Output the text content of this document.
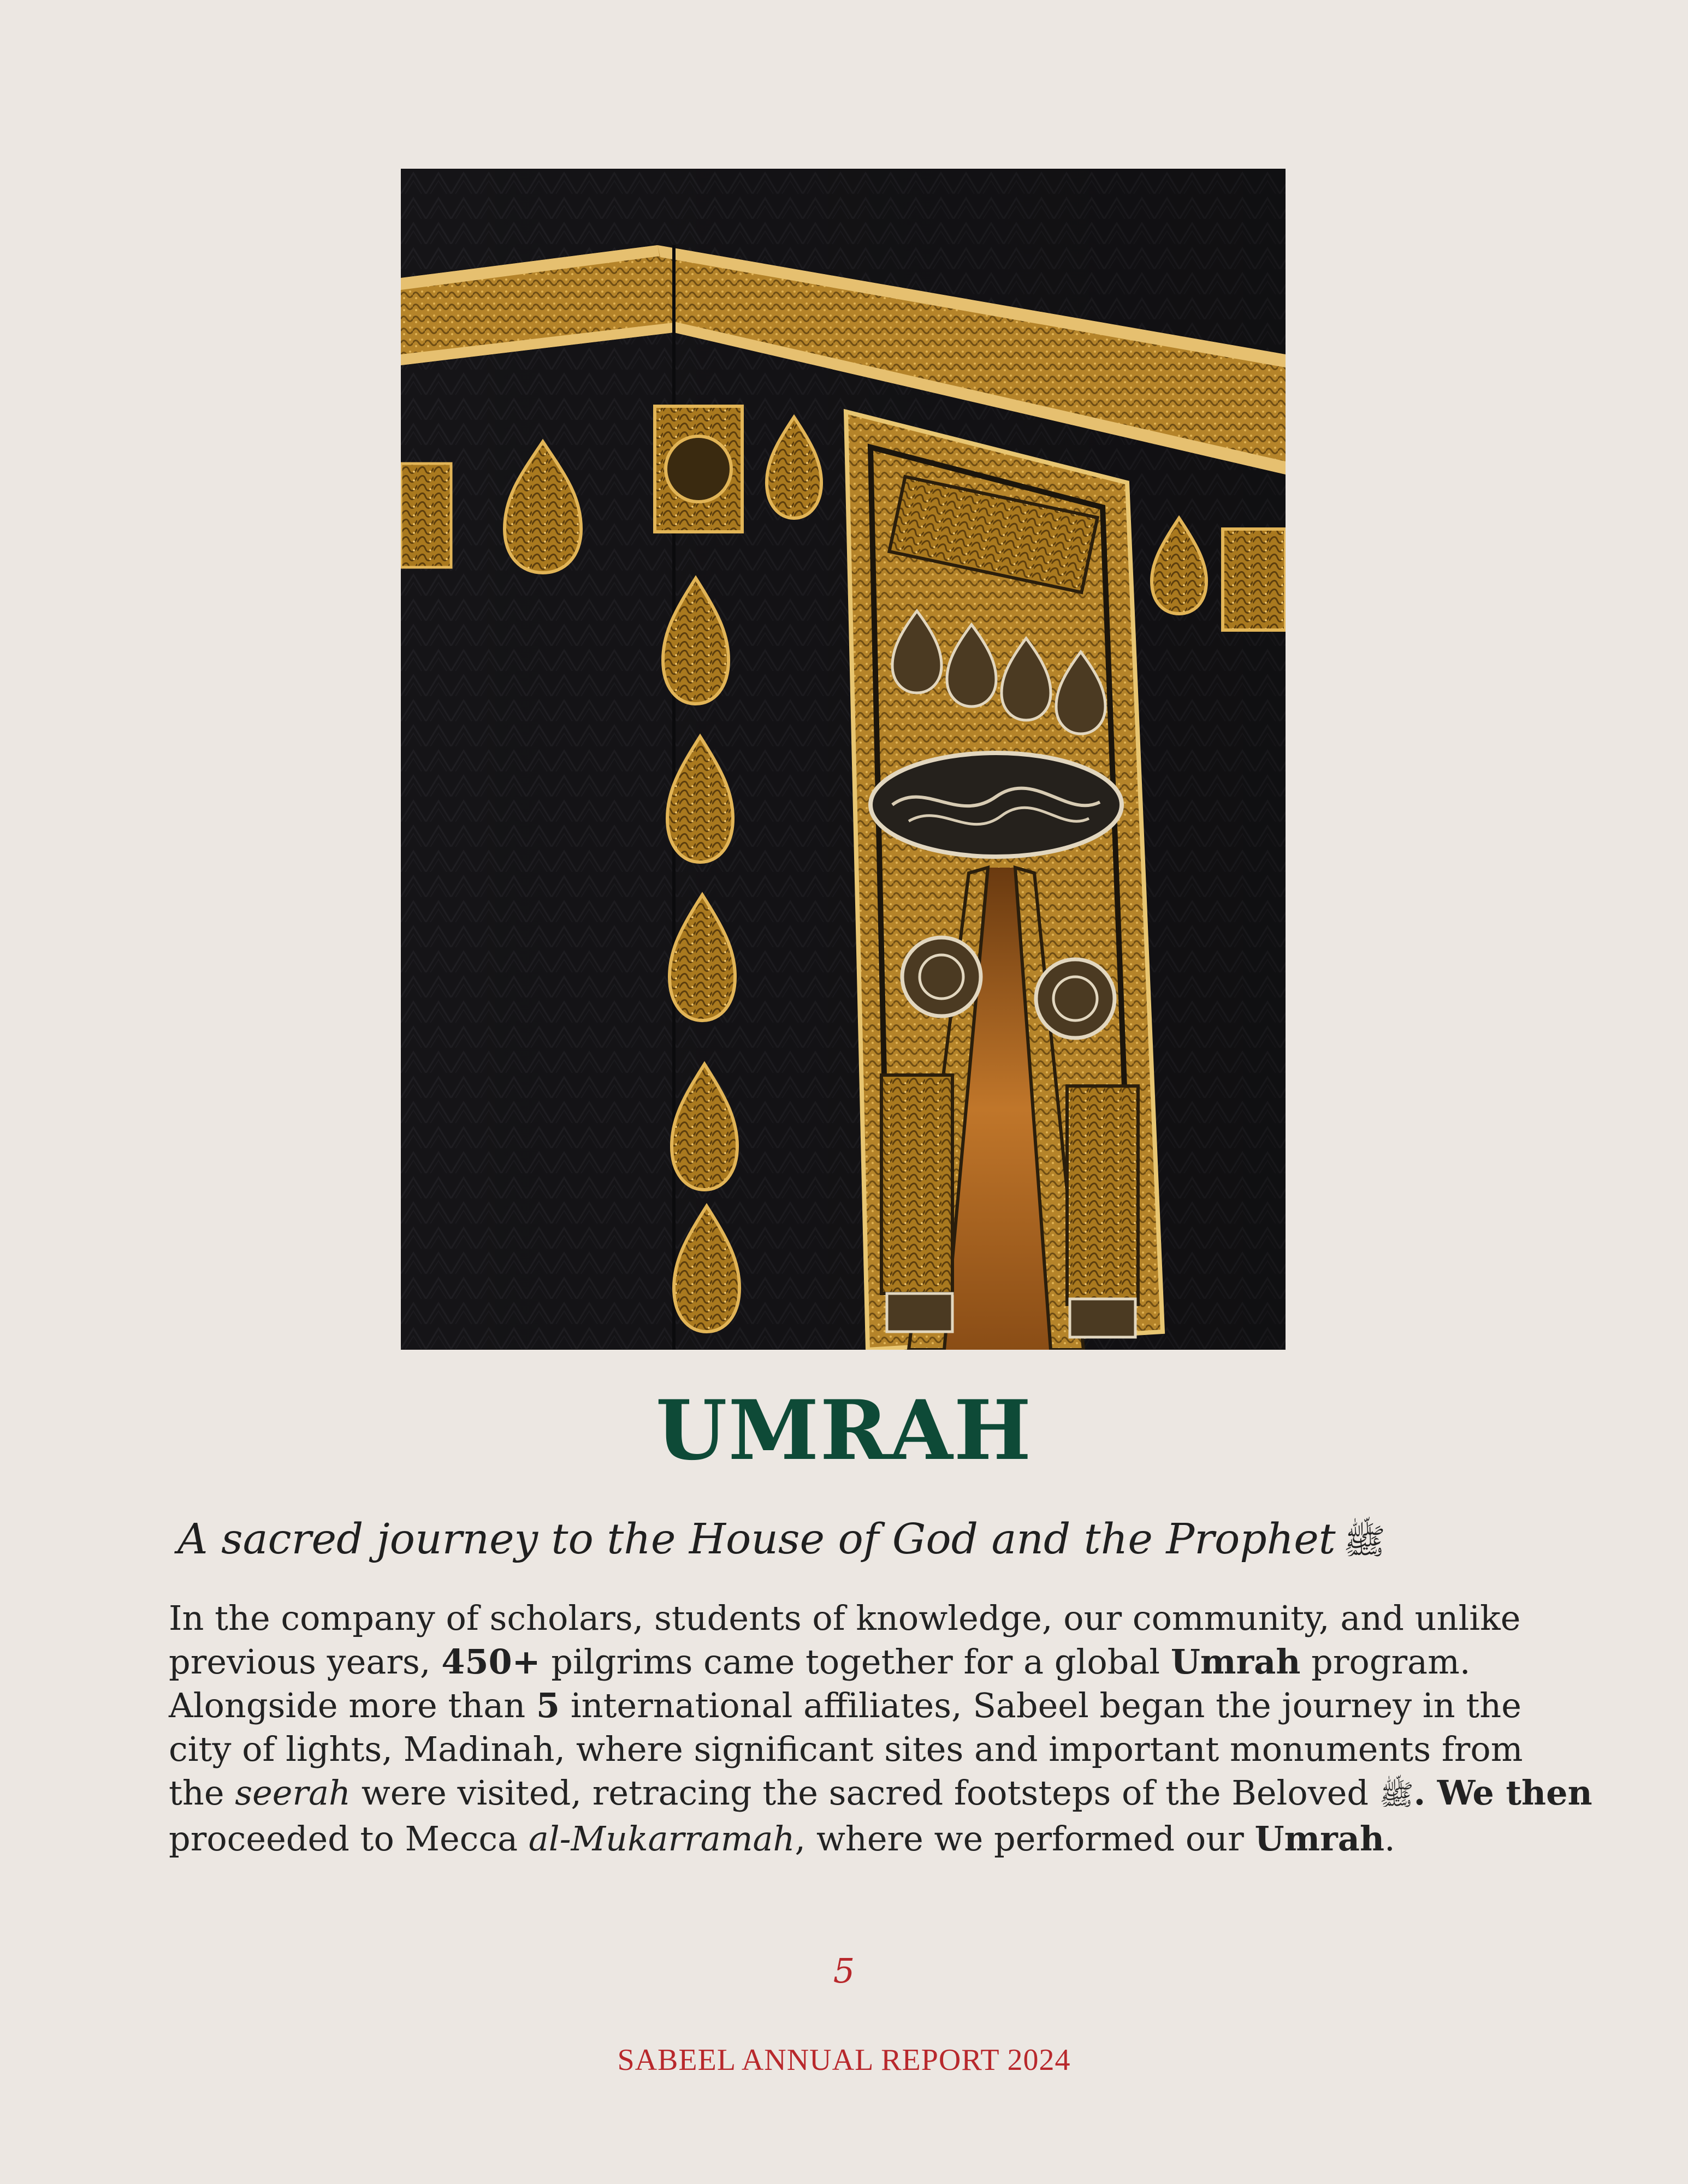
UMRAH
A sacred journey to the House of God and the Prophet ﷺ
In the company of scholars, students of knowledge, our community, and unlike
previous years, 450+ pilgrims came together for a global Umrah program.
Alongside more than 5 international affiliates, Sabeel began the journey in the
city of lights, Madinah, where significant sites and important monuments from
the seerah were visited, retracing the sacred footsteps of the Beloved ﷺ. We then
proceeded to Mecca al-Mukarramah, where we performed our Umrah.
5
SABEEL ANNUAL REPORT 2024
